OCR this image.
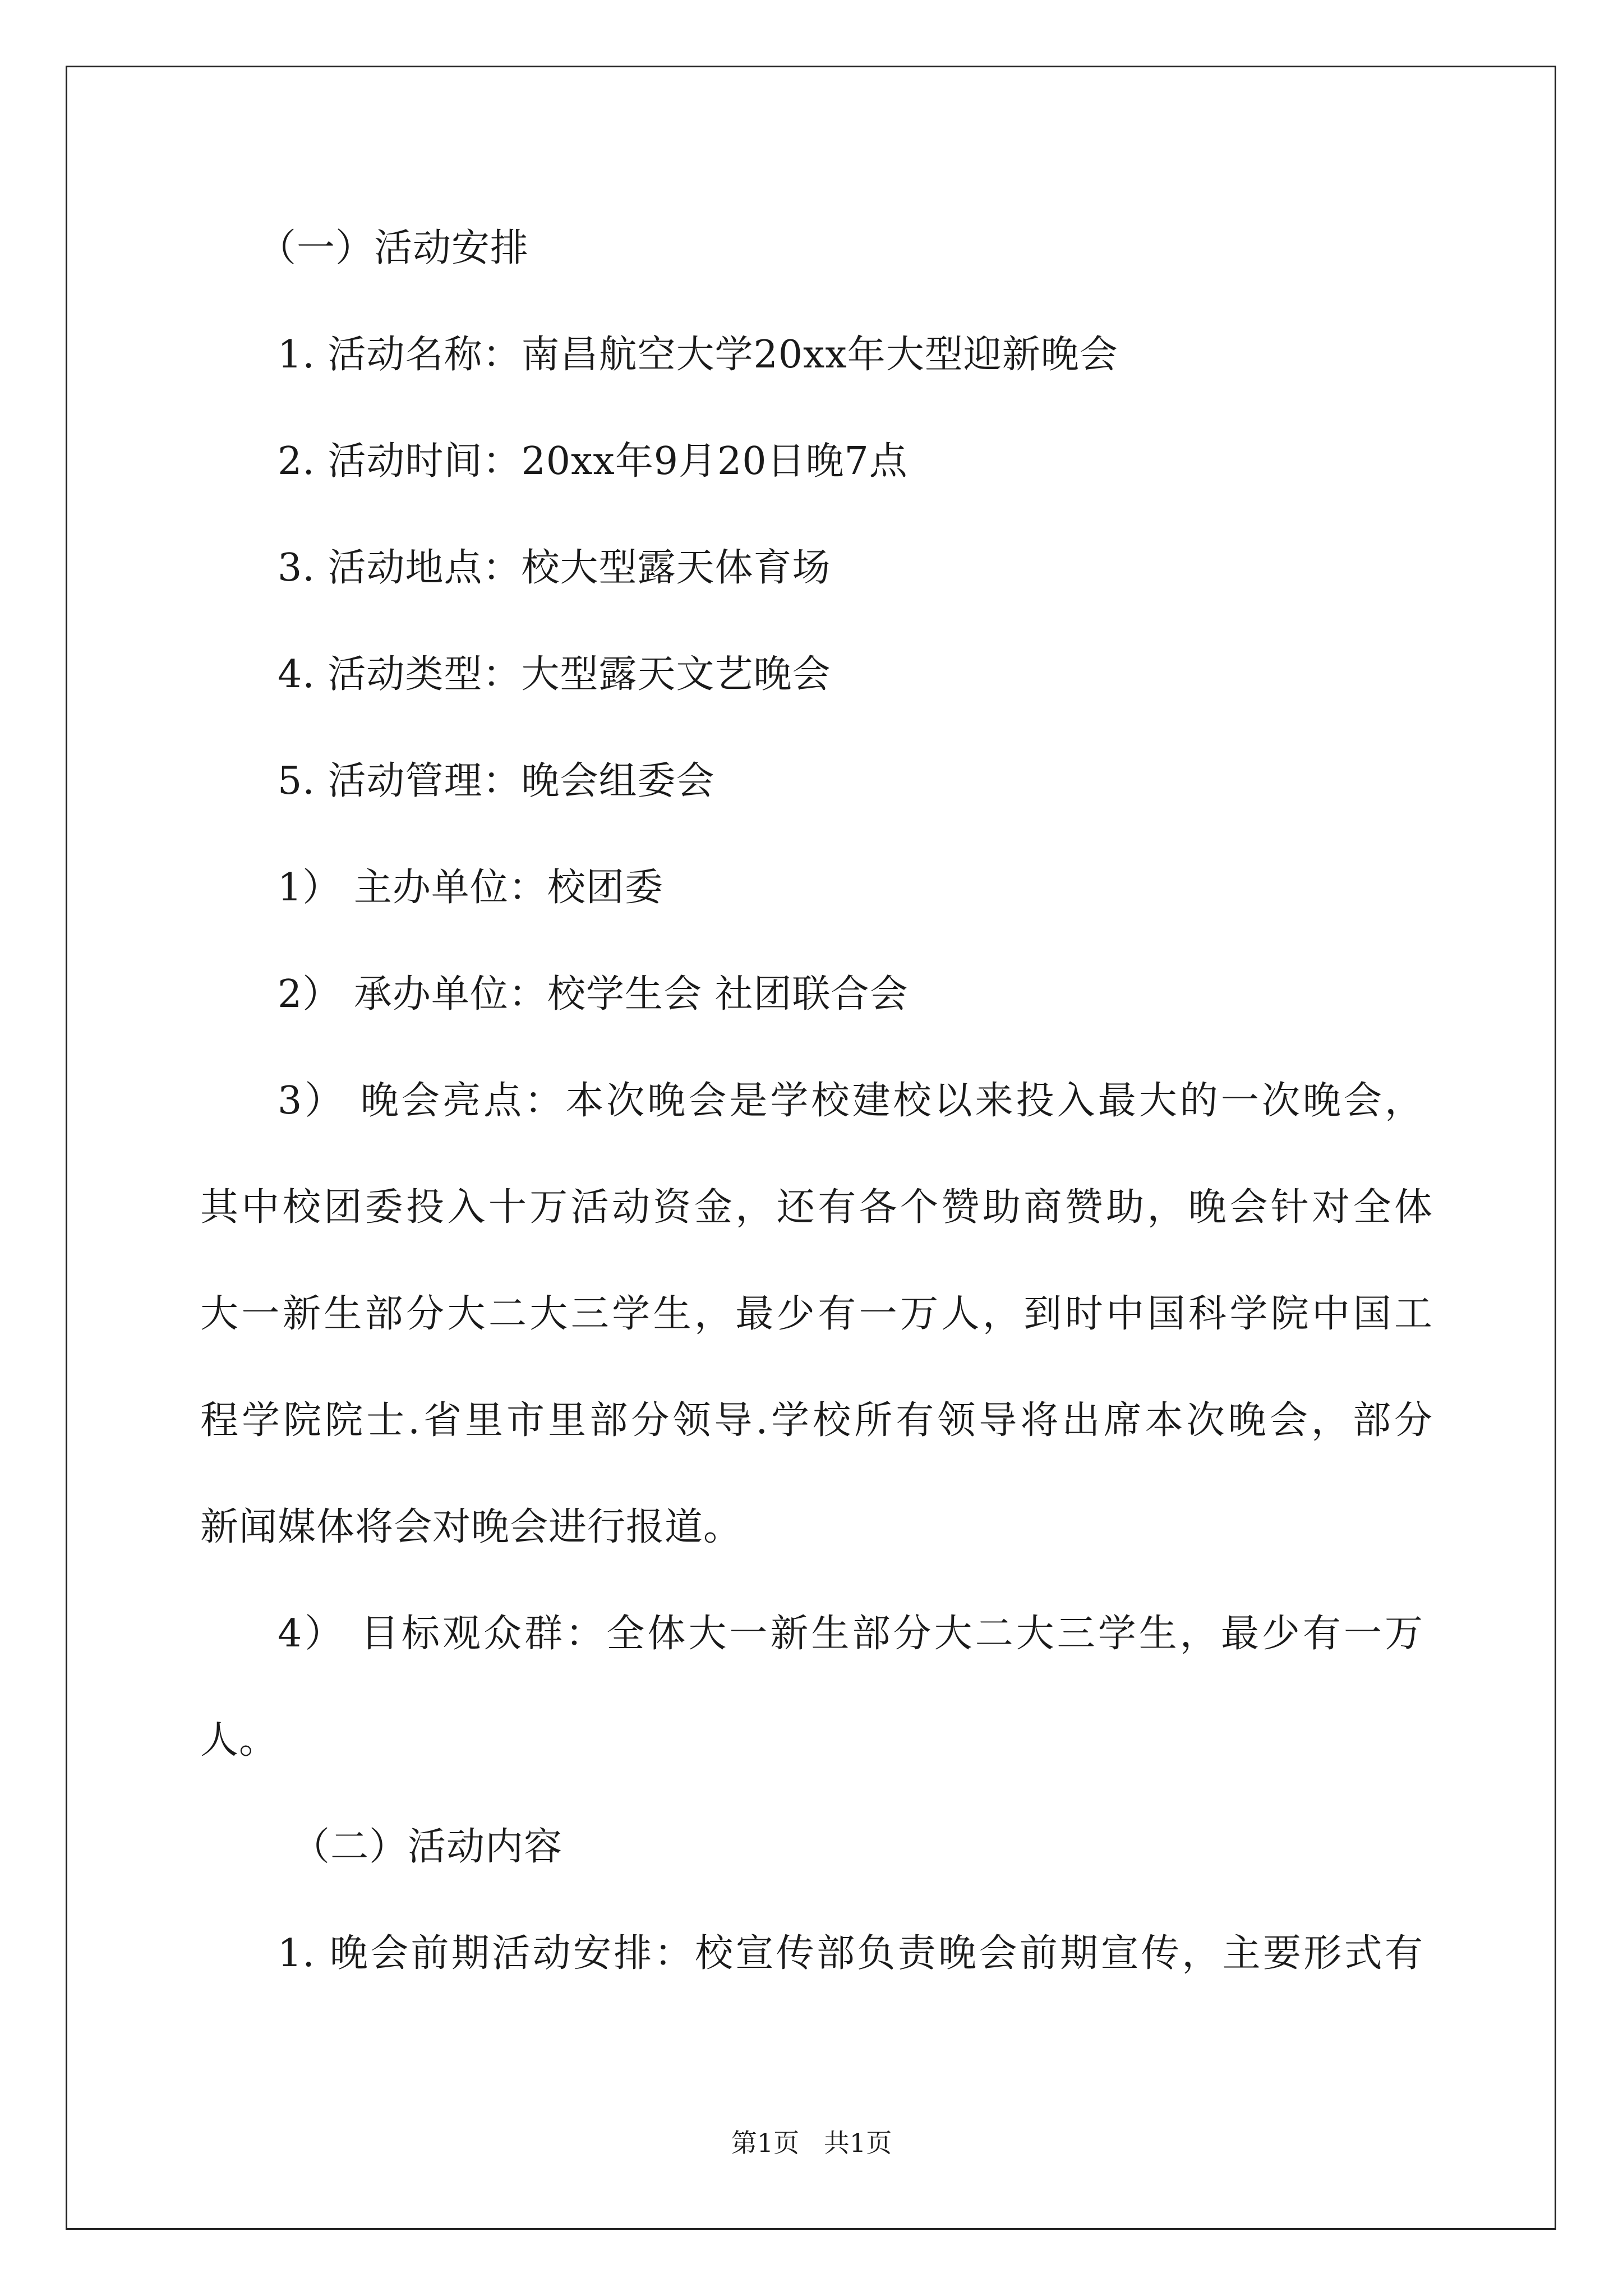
（一）活动安排

1. 活动名称：南昌航空大学20xx年大型迎新晚会

2. 活动时间：20xx年9月20日晚7点

3. 活动地点：校大型露天体育场

4. 活动类型：大型露天文艺晚会

5. 活动管理：晚会组委会

1） 主办单位：校团委

2） 承办单位：校学生会 社团联合会

3） 晚会亮点：本次晚会是学校建校以来投入最大的一次晚会，

其中校团委投入十万活动资金，还有各个赞助商赞助，晚会针对全体

大一新生部分大二大三学生，最少有一万人，到时中国科学院中国工

程学院院士.省里市里部分领导.学校所有领导将出席本次晚会，部分

新闻媒体将会对晚会进行报道。

4） 目标观众群：全体大一新生部分大二大三学生，最少有一万

人。

（二）活动内容

1. 晚会前期活动安排：校宣传部负责晚会前期宣传，主要形式有

第1页   共1页
